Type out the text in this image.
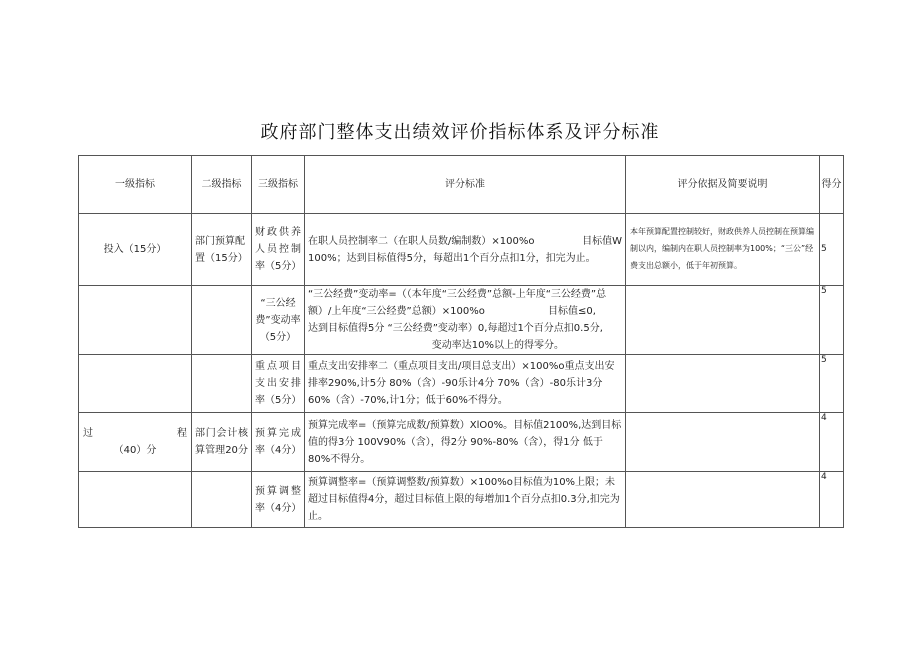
政府部门整体支出绩效评价指标体系及评分标准
一级指标	二级指标	三级指标	评分标准	评分依据及简要说明	得分
投入（15分）	部门预算配置（15分）	财政供养人员控制率（5分）	在职人员控制率二（在职人员数/编制数）×100%o 目标值W
100%；达到目标值得5分，每超出1个百分点扣1分，扣完为止。	本年预算配置控制较好，财政供养人员控制在预算编制以内，编制内在职人员控制率为100%；“三公”经费支出总额小，低于年初预算。	5
		“三公经费”变动率（5分）	“三公经费”变动率=（（本年度“三公经费”总额-上年度“三公经费”总额）/上年度“三公经费”总额）×100%o 目标值≤0,
达到目标值得5分 “三公经费”变动率）0,每超过1个百分点扣0.5分,
变动率达10%以上的得零分。		5
		重点项目支出安排率（5分）	重点支出安排率二（重点项目支出/项目总支出）×100%o重点支出安排率290%,计5分 80%（含）-90乐计4分 70%（含）-80乐计3分 60%（含）-70%,计1分；低于60%不得分。		5

过 程
（40）分	部门会计核算管理20分	预算完成率（4分）	预算完成率=（预算完成数/预算数）XlO0%。目标值2100%,达到目标值的得3分 100V90%（含），得2分 90%-80%（含），得1分 低于80%不得分。		4
		预算调整率（4分）	预算调整率=（预算调整数/预算数）×100%o目标值为10%上限；未超过目标值得4分，超过目标值上限的每增加1个百分点扣0.3分,扣完为止。		4
